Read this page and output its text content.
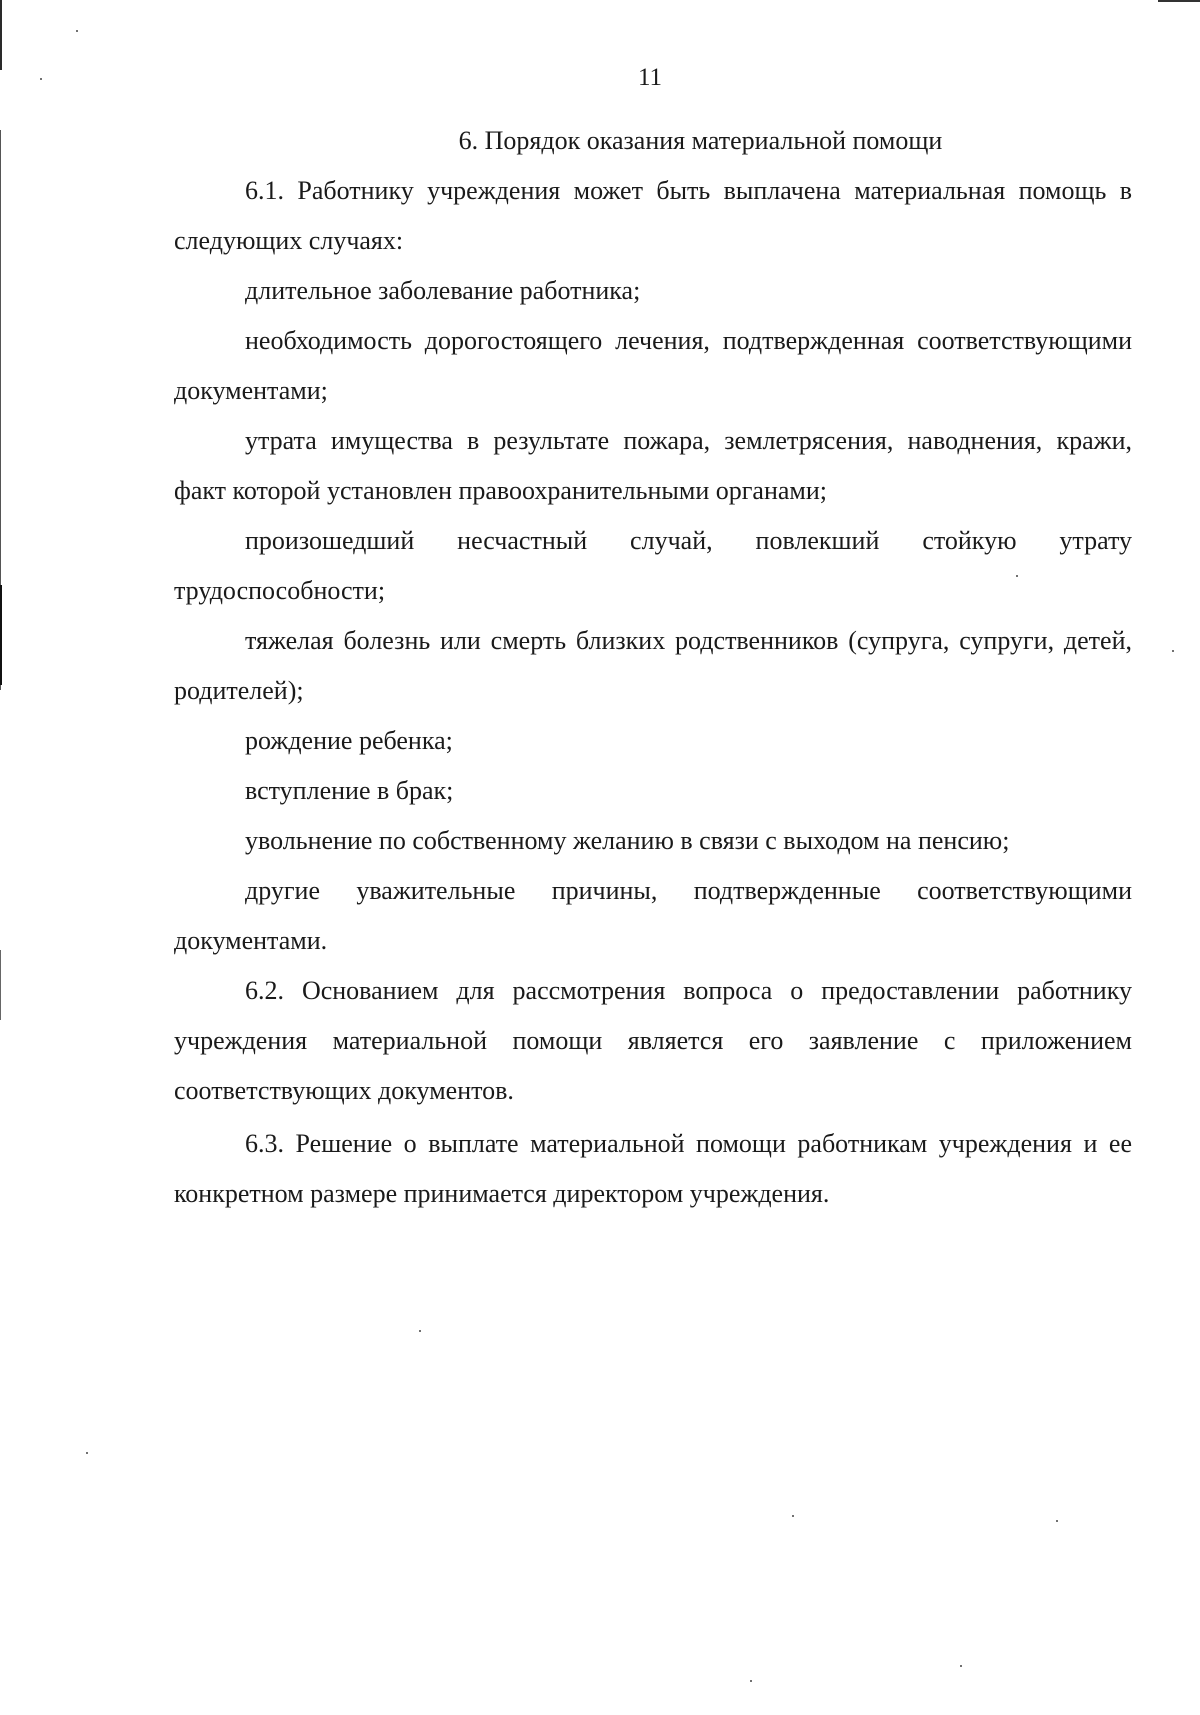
11
6. Порядок оказания материальной помощи

6.1. Работнику учреждения может быть выплачена материальная помощь в следующих случаях:

длительное заболевание работника;

необходимость дорогостоящего лечения, подтвержденная соответствующими документами;

утрата имущества в результате пожара, землетрясения, наводнения, кражи, факт которой установлен правоохранительными органами;

произошедший несчастный случай, повлекший стойкую утрату трудоспособности;

тяжелая болезнь или смерть близких родственников (супруга, супруги, детей, родителей);

рождение ребенка;

вступление в брак;

увольнение по собственному желанию в связи с выходом на пенсию;

другие уважительные причины, подтвержденные соответствующими документами.

6.2. Основанием для рассмотрения вопроса о предоставлении работнику учреждения материальной помощи является его заявление с приложением соответствующих документов.

6.3. Решение о выплате материальной помощи работникам учреждения и ее конкретном размере принимается директором учреждения.
